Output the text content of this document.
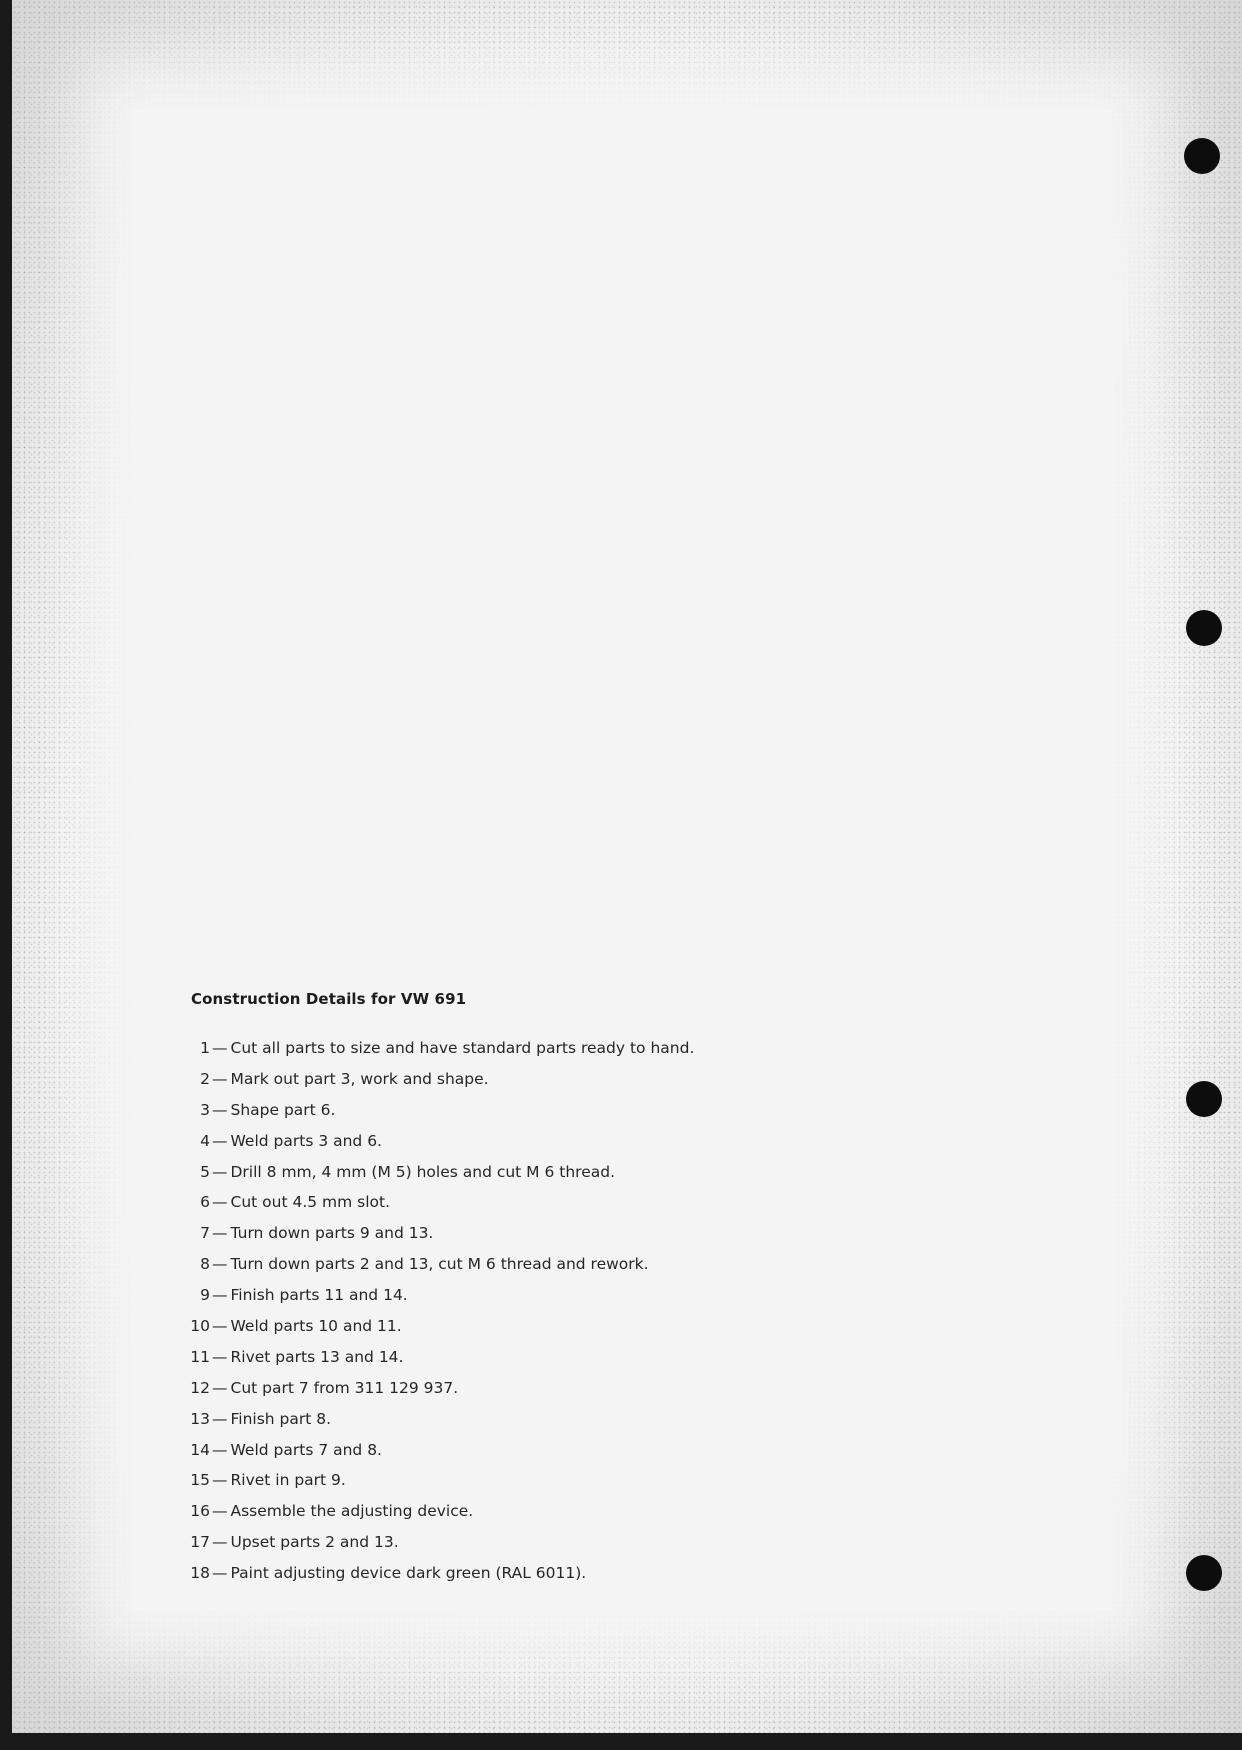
Construction Details for VW 691
1 — Cut all parts to size and have standard parts ready to hand.
2 — Mark out part 3, work and shape.
3 — Shape part 6.
4 — Weld parts 3 and 6.
5 — Drill 8 mm, 4 mm (M 5) holes and cut M 6 thread.
6 — Cut out 4.5 mm slot.
7 — Turn down parts 9 and 13.
8 — Turn down parts 2 and 13, cut M 6 thread and rework.
9 — Finish parts 11 and 14.
10 — Weld parts 10 and 11.
11 — Rivet parts 13 and 14.
12 — Cut part 7 from 311 129 937.
13 — Finish part 8.
14 — Weld parts 7 and 8.
15 — Rivet in part 9.
16 — Assemble the adjusting device.
17 — Upset parts 2 and 13.
18 — Paint adjusting device dark green (RAL 6011).
